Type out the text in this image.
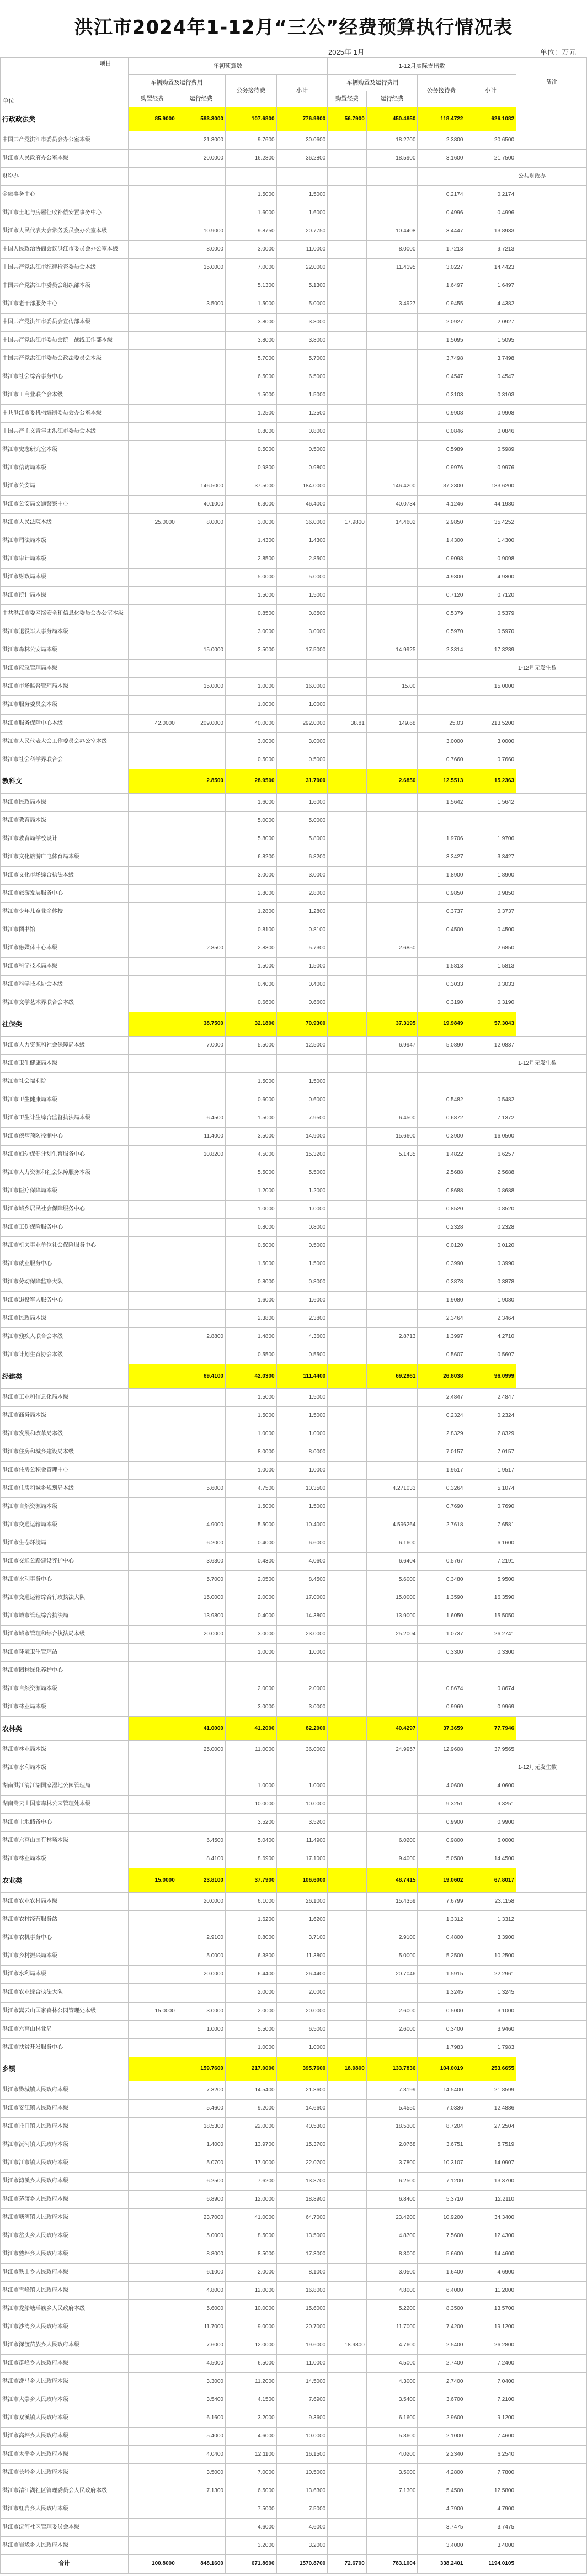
洪江市2024年1-12月“三公”经费预算执行情况表
2025年 1月	单位：万元
项目
单位	年初预算数				1-12月实际支出数				备注
	车辆购置及运行费用		公务接待费	小计	车辆购置及运行费用		公务接待费	小计	
	购置经费	运行经费			购置经费	运行经费			
行政政法类	85.9000	583.3000	107.6800	776.9800	56.7900	450.4850	118.4722	626.1082	
中国共产党洪江市委员会办公室本级		21.3000	9.7600	30.0600		18.2700	2.3800	20.6500	
洪江市人民政府办公室本级		20.0000	16.2800	36.2800		18.5900	3.1600	21.7500	
财税办									公共财政办
金融事务中心			1.5000	1.5000			0.2174	0.2174	
洪江市土地与房屋征收补偿安置事务中心			1.6000	1.6000			0.4996	0.4996	
洪江市人民代表大会常务委员会办公室本级		10.9000	9.8750	20.7750		10.4408	3.4447	13.8933	
中国人民政治协商会议洪江市委员会办公室本级		8.0000	3.0000	11.0000		8.0000	1.7213	9.7213	
中国共产党洪江市纪律检查委员会本级		15.0000	7.0000	22.0000		11.4195	3.0227	14.4423	
中国共产党洪江市委员会组织部本级			5.1300	5.1300			1.6497	1.6497	
洪江市老干部服务中心		3.5000	1.5000	5.0000		3.4927	0.9455	4.4382	
中国共产党洪江市委员会宣传部本级			3.8000	3.8000			2.0927	2.0927	
中国共产党洪江市委员会统一战线工作部本级			3.8000	3.8000			1.5095	1.5095	
中国共产党洪江市委员会政法委员会本级			5.7000	5.7000			3.7498	3.7498	
洪江市社会综合事务中心			6.5000	6.5000			0.4547	0.4547	
洪江市工商业联合会本级			1.5000	1.5000			0.3103	0.3103	
中共洪江市委机构编制委员会办公室本级			1.2500	1.2500			0.9908	0.9908	
中国共产主义青年团洪江市委员会本级			0.8000	0.8000			0.0846	0.0846	
洪江市史志研究室本级			0.5000	0.5000			0.5989	0.5989	
洪江市信访局本级			0.9800	0.9800			0.9976	0.9976	
洪江市公安局		146.5000	37.5000	184.0000		146.4200	37.2300	183.6200	
洪江市公安局交通警察中心		40.1000	6.3000	46.4000		40.0734	4.1246	44.1980	
洪江市人民法院本级	25.0000	8.0000	3.0000	36.0000	17.9800	14.4602	2.9850	35.4252	
洪江市司法局本级			1.4300	1.4300			1.4300	1.4300	
洪江市审计局本级			2.8500	2.8500			0.9098	0.9098	
洪江市财政局本级			5.0000	5.0000			4.9300	4.9300	
洪江市统计局本级			1.5000	1.5000			0.7120	0.7120	
中共洪江市委网络安全和信息化委员会办公室本级			0.8500	0.8500			0.5379	0.5379	
洪江市退役军人事务局本级			3.0000	3.0000			0.5970	0.5970	
洪江市森林公安局本级		15.0000	2.5000	17.5000		14.9925	2.3314	17.3239	
洪江市应急管理局本级									1-12月无发生数
洪江市市场监督管理局本级		15.0000	1.0000	16.0000		15.00		15.0000	
洪江市服务委员会本级			1.0000	1.0000					
洪江市服务保障中心本级	42.0000	209.0000	40.0000	292.0000	38.81	149.68	25.03	213.5200	
洪江市人民代表大会工作委员会办公室本级			3.0000	3.0000			3.0000	3.0000	
洪江市社会科学界联合会			0.5000	0.5000			0.7660	0.7660	
教科文		2.8500	28.9500	31.7000		2.6850	12.5513	15.2363	
洪江市民政局本级			1.6000	1.6000			1.5642	1.5642	
洪江市教育局本级			5.0000	5.0000					
洪江市教育局学校设计			5.8000	5.8000			1.9706	1.9706	
洪江市文化旅游广电体育局本级			6.8200	6.8200			3.3427	3.3427	
洪江市文化市场综合执法本级			3.0000	3.0000			1.8900	1.8900	
洪江市旅游发展服务中心			2.8000	2.8000			0.9850	0.9850	
洪江市少年儿童业余体校			1.2800	1.2800			0.3737	0.3737	
洪江市图书馆			0.8100	0.8100			0.4500	0.4500	
洪江市融媒体中心本级		2.8500	2.8800	5.7300		2.6850		2.6850	
洪江市科学技术局本级			1.5000	1.5000			1.5813	1.5813	
洪江市科学技术协会本级			0.4000	0.4000			0.3033	0.3033	
洪江市文学艺术界联合会本级			0.6600	0.6600			0.3190	0.3190	
社保类		38.7500	32.1800	70.9300		37.3195	19.9849	57.3043	
洪江市人力资源和社会保障局本级		7.0000	5.5000	12.5000		6.9947	5.0890	12.0837	
洪江市卫生健康局本级									1-12月无发生数
洪江市社会福利院			1.5000	1.5000					
洪江市卫生健康局本级			0.6000	0.6000			0.5482	0.5482	
洪江市卫生计生综合监督执法局本级		6.4500	1.5000	7.9500		6.4500	0.6872	7.1372	
洪江市疾病预防控制中心		11.4000	3.5000	14.9000		15.6600	0.3900	16.0500	
洪江市妇幼保健计划生育服务中心		10.8200	4.5000	15.3200		5.1435	1.4822	6.6257	
洪江市人力资源和社会保障服务本级			5.5000	5.5000			2.5688	2.5688	
洪江市医疗保障局本级			1.2000	1.2000			0.8688	0.8688	
洪江市城乡居民社会保障服务中心			1.0000	1.0000			0.8520	0.8520	
洪江市工伤保险服务中心			0.8000	0.8000			0.2328	0.2328	
洪江市机关事业单位社会保险服务中心			0.5000	0.5000			0.0120	0.0120	
洪江市就业服务中心			1.5000	1.5000			0.3990	0.3990	
洪江市劳动保障监察大队			0.8000	0.8000			0.3878	0.3878	
洪江市退役军人服务中心			1.6000	1.6000			1.9080	1.9080	
洪江市民政局本级			2.3800	2.3800			2.3464	2.3464	
洪江市残疾人联合会本级		2.8800	1.4800	4.3600		2.8713	1.3997	4.2710	
洪江市计划生育协会本级			0.5500	0.5500			0.5607	0.5607	
经建类		69.4100	42.0300	111.4400		69.2961	26.8038	96.0999	
洪江市工业和信息化局本级			1.5000	1.5000			2.4847	2.4847	
洪江市商务局本级			1.5000	1.5000			0.2324	0.2324	
洪江市发展和改革局本级			1.0000	1.0000			2.8329	2.8329	
洪江市住房和城乡建设局本级			8.0000	8.0000			7.0157	7.0157	
洪江市住房公积金管理中心			1.0000	1.0000			1.9517	1.9517	
洪江市住房和城乡规划局本级		5.6000	4.7500	10.3500		4.271033	0.3264	5.1074	
洪江市自然资源局本级			1.5000	1.5000			0.7690	0.7690	
洪江市交通运输局本级		4.9000	5.5000	10.4000		4.596264	2.7618	7.6581	
洪江市生态环境局		6.2000	0.4000	6.6000		6.1600		6.1600	
洪江市交通公路建设养护中心		3.6300	0.4300	4.0600		6.6404	0.5767	7.2191	
洪江市水利事务中心		5.7000	2.0500	8.4500		5.6000	0.3480	5.9500	
洪江市交通运输综合行政执法大队		15.0000	2.0000	17.0000		15.0000	1.3590	16.3590	
洪江市城市管理综合执法局		13.9800	0.4000	14.3800		13.9000	1.6050	15.5050	
洪江市城市管理和综合执法局本级		20.0000	3.0000	23.0000		25.2004	1.0737	26.2741	
洪江市环境卫生管理站			1.0000	1.0000			0.3300	0.3300	
洪江市园林绿化养护中心									
洪江市自然资源局本级			2.0000	2.0000			0.8674	0.8674	
洪江市林业局本级			3.0000	3.0000			0.9969	0.9969	
农林类		41.0000	41.2000	82.2000		40.4297	37.3659	77.7946	
洪江市林业局本级		25.0000	11.0000	36.0000		24.9957	12.9608	37.9565	
洪江市水利局本级									1-12月无发生数
湖南洪江清江湖国家湿地公园管理局			1.0000	1.0000			4.0600	4.0600	
湖南嵩云山国家森林公园管理处本级			10.0000	10.0000			9.3251	9.3251	
洪江市土地储备中心			3.5200	3.5200			0.9900	0.9900	
洪江市六菖山国有林场本级		6.4500	5.0400	11.4900		6.0200	0.9800	6.0000	
洪江市林业局本级		8.4100	8.6900	17.1000		9.4000	5.0500	14.4500	
农业类	15.0000	23.8100	37.7900	106.6000		48.7415	19.0602	67.8017	
洪江市农业农村局本级		20.0000	6.1000	26.1000		15.4359	7.6799	23.1158	
洪江市农村经营服务站			1.6200	1.6200			1.3312	1.3312	
洪江市农机事务中心		2.9100	0.8000	3.7100		2.9100	0.4800	3.3900	
洪江市乡村振兴局本级		5.0000	6.3800	11.3800		5.0000	5.2500	10.2500	
洪江市水利局本级		20.0000	6.4400	26.4400		20.7046	1.5915	22.2961	
洪江市农业综合执法大队			2.0000	2.0000			1.3245	1.3245	
洪江市嵩云山国家森林公园管理处本级	15.0000	3.0000	2.0000	20.0000		2.6000	0.5000	3.1000	
洪江市六菖山林业局		1.0000	5.5000	6.5000		2.6000	0.3400	3.9460	
洪江市扶贫开发服务中心			1.0000	1.0000			1.7983	1.7983	
乡镇		159.7600	217.0000	395.7600	18.9800	133.7836	104.0019	253.6655	
洪江市黔城镇人民政府本级		7.3200	14.5400	21.8600		7.3199	14.5400	21.8599	
洪江市安江镇人民政府本级		5.4600	9.2000	14.6600		5.4550	7.0336	12.4886	
洪江市托口镇人民政府本级		18.5300	22.0000	40.5300		18.5300	8.7204	27.2504	
洪江市沅河镇人民政府本级		1.4000	13.9700	15.3700		2.0768	3.6751	5.7519	
洪江市江市镇人民政府本级		5.0700	17.0000	22.0700		3.7800	10.3107	14.0907	
洪江市湾溪乡人民政府本级		6.2500	7.6200	13.8700		6.2500	7.1200	13.3700	
洪江市茅渡乡人民政府本级		6.8900	12.0000	18.8900		6.8400	5.3710	12.2110	
洪江市塘湾镇人民政府本级		23.7000	41.0000	64.7000		23.4200	10.9200	34.3400	
洪江市岔头乡人民政府本级		5.0000	8.5000	13.5000		4.8700	7.5600	12.4300	
洪江市熟坪乡人民政府本级		8.8000	8.5000	17.3000		8.8000	5.6600	14.4600	
洪江市铁山乡人民政府本级		6.1000	2.0000	8.1000		3.0500	1.6400	4.6900	
洪江市雪峰镇人民政府本级		4.8000	12.0000	16.8000		4.8000	6.4000	11.2000	
洪江市龙船塘瑶族乡人民政府本级		5.6000	10.0000	15.6000		5.2200	8.3500	13.5700	
洪江市沙湾乡人民政府本级		11.7000	9.0000	20.7000		11.7000	7.4200	19.1200	
洪江市深渡苗族乡人民政府本级		7.6000	12.0000	19.6000	18.9800	4.7600	2.5400	26.2800	
洪江市群峰乡人民政府本级		4.5000	6.5000	11.0000		4.5000	2.7400	7.2400	
洪江市洗马乡人民政府本级		3.3000	11.2000	14.5000		4.3000	2.7400	7.0400	
洪江市大崇乡人民政府本级		3.5400	4.1500	7.6900		3.5400	3.6700	7.2100	
洪江市双溪镇人民政府本级		6.1600	3.2000	9.3600		6.1600	2.9600	9.1200	
洪江市高坪乡人民政府本级		5.4000	4.6000	10.0000		5.3600	2.1000	7.4600	
洪江市太平乡人民政府本级		4.0400	12.1100	16.1500		4.0200	2.2340	6.2540	
洪江市长岭乡人民政府本级		3.5000	7.0000	10.5000		3.5000	4.2800	7.7800	
洪江市清江湖社区管理委员会人民政府本级		7.1300	6.5000	13.6300		7.1300	5.4500	12.5800	
洪江市红岩乡人民政府本级			7.5000	7.5000			4.7900	4.7900	
洪江市沅河社区管理委员会本级			4.6000	4.6000			3.7475	3.7475	
洪江市岩垅乡人民政府本级			3.2000	3.2000			3.4000	3.4000	
合计	100.8000	848.1600	671.8600	1570.8700	72.6700	783.1004	338.2401	1194.0105	
